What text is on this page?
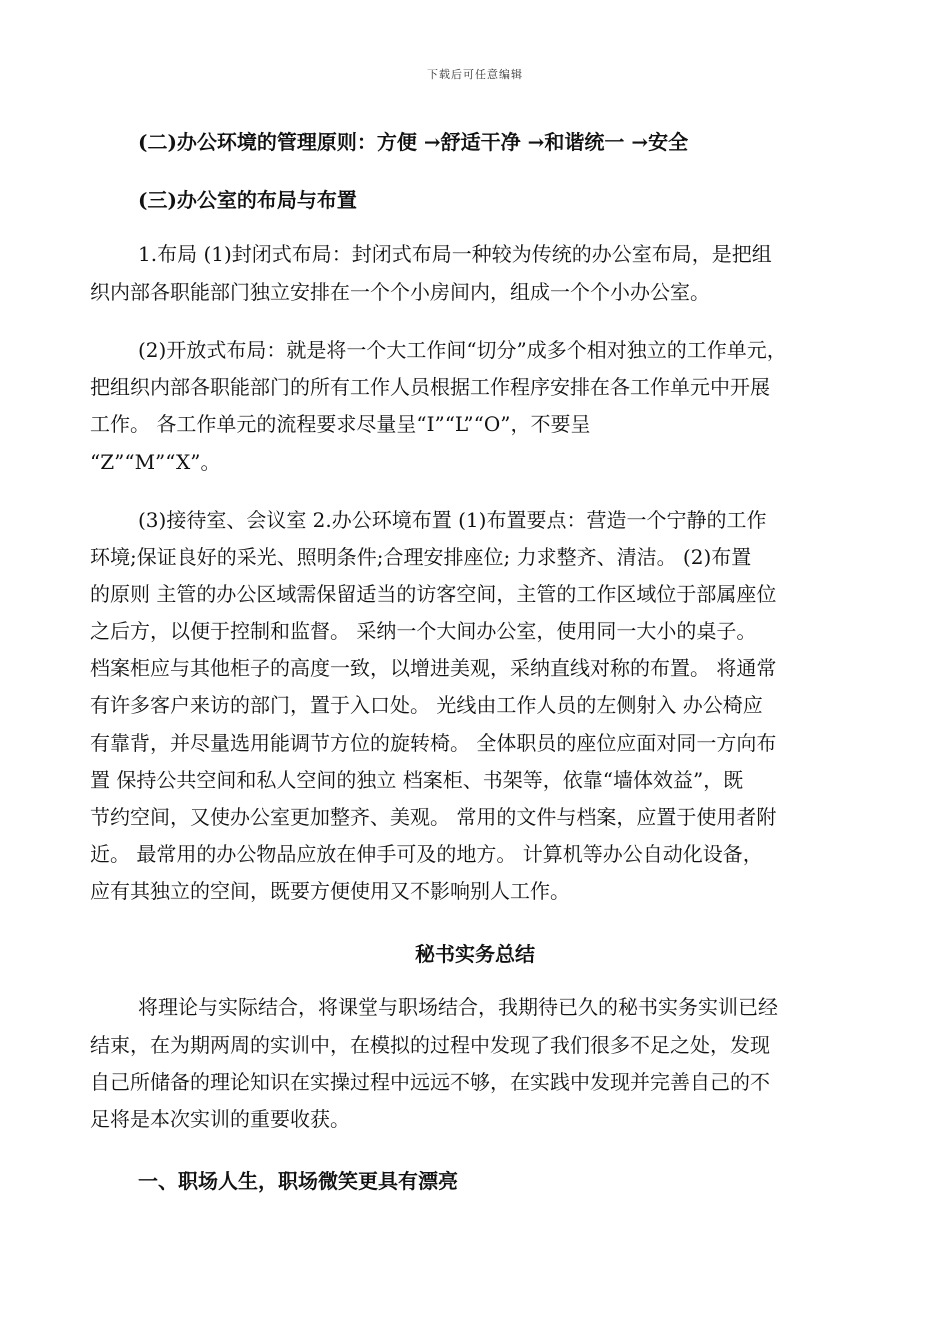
下载后可任意编辑
(二)办公环境的管理原则：方便 →舒适干净 →和谐统一 →安全
(三)办公室的布局与布置
1.布局 (1)封闭式布局：封闭式布局一种较为传统的办公室布局，是把组
织内部各职能部门独立安排在一个个小房间内，组成一个个小办公室。
(2)开放式布局：就是将一个大工作间“切分”成多个相对独立的工作单元，
把组织内部各职能部门的所有工作人员根据工作程序安排在各工作单元中开展
工作。 各工作单元的流程要求尽量呈“I”“L”“O”，不要呈
“Z”“M”“X”。
(3)接待室、会议室 2.办公环境布置 (1)布置要点：营造一个宁静的工作
环境;保证良好的采光、照明条件;合理安排座位; 力求整齐、清洁。 (2)布置
的原则 主管的办公区域需保留适当的访客空间，主管的工作区域位于部属座位
之后方，以便于控制和监督。 采纳一个大间办公室，使用同一大小的桌子。
档案柜应与其他柜子的高度一致，以增进美观，采纳直线对称的布置。 将通常
有许多客户来访的部门，置于入口处。 光线由工作人员的左侧射入 办公椅应
有靠背，并尽量选用能调节方位的旋转椅。 全体职员的座位应面对同一方向布
置 保持公共空间和私人空间的独立 档案柜、书架等，依靠“墙体效益”，既
节约空间，又使办公室更加整齐、美观。 常用的文件与档案，应置于使用者附
近。 最常用的办公物品应放在伸手可及的地方。 计算机等办公自动化设备，
应有其独立的空间，既要方便使用又不影响别人工作。
秘书实务总结
将理论与实际结合，将课堂与职场结合，我期待已久的秘书实务实训已经
结束，在为期两周的实训中，在模拟的过程中发现了我们很多不足之处，发现
自己所储备的理论知识在实操过程中远远不够，在实践中发现并完善自己的不
足将是本次实训的重要收获。
一、职场人生，职场微笑更具有漂亮
